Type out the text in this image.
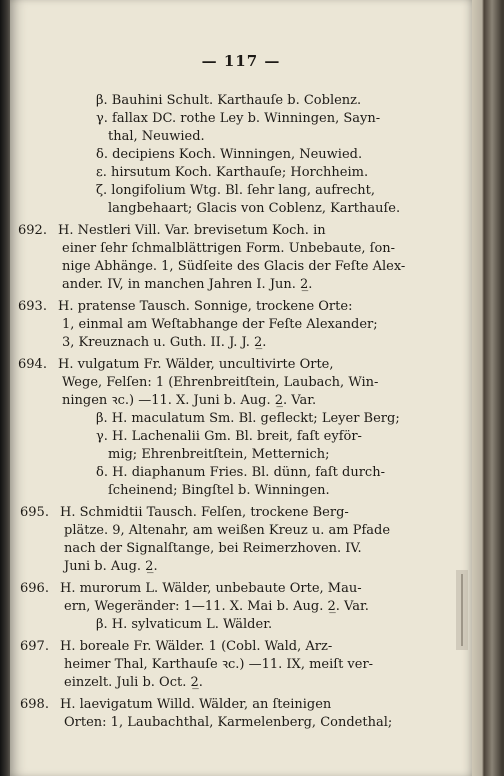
— 117 —
β. Bauhini Schult. Karthauſe b. Coblenz.
γ. fallax DC. rothe Ley b. Winningen, Sayn-
thal, Neuwied.
δ. decipiens Koch. Winningen, Neuwied.
ε. hirsutum Koch. Karthauſe; Horchheim.
ζ. longifolium Wtg. Bl. ſehr lang, aufrecht,
langbehaart; Glacis von Coblenz, Karthauſe.
692. H. Nestleri Vill. Var. brevisetum Koch. in
einer ſehr ſchmalblättrigen Form. Unbebaute, ſon-
nige Abhänge. 1, Südſeite des Glacis der Feſte Alex-
ander. IV, in manchen Jahren I. Jun. 2̲.
693. H. pratense Tausch. Sonnige, trockene Orte:
1, einmal am Weſtabhange der Feſte Alexander;
3, Kreuznach u. Guth. II. J. J. 2̲.
694. H. vulgatum Fr. Wälder, uncultivirte Orte,
Wege, Felſen: 1 (Ehrenbreitſtein, Laubach, Win-
ningen ꝛc.) —11. X. Juni b. Aug. 2̲. Var.
β. H. maculatum Sm. Bl. gefleckt; Leyer Berg;
γ. H. Lachenalii Gm. Bl. breit, faſt eyför-
mig; Ehrenbreitſtein, Metternich;
δ. H. diaphanum Fries. Bl. dünn, faſt durch-
ſcheinend; Bingſtel b. Winningen.
695. H. Schmidtii Tausch. Felſen, trockene Berg-
plätze. 9, Altenahr, am weißen Kreuz u. am Pfade
nach der Signalſtange, bei Reimerzhoven. IV.
Juni b. Aug. 2̲.
696. H. murorum L. Wälder, unbebaute Orte, Mau-
ern, Wegeränder: 1—11. X. Mai b. Aug. 2̲. Var.
β. H. sylvaticum L. Wälder.
697. H. boreale Fr. Wälder. 1 (Cobl. Wald, Arz-
heimer Thal, Karthauſe ꝛc.) —11. IX, meiſt ver-
einzelt. Juli b. Oct. 2̲.
698. H. laevigatum Willd. Wälder, an ſteinigen
Orten: 1, Laubachthal, Karmelenberg, Condethal;
